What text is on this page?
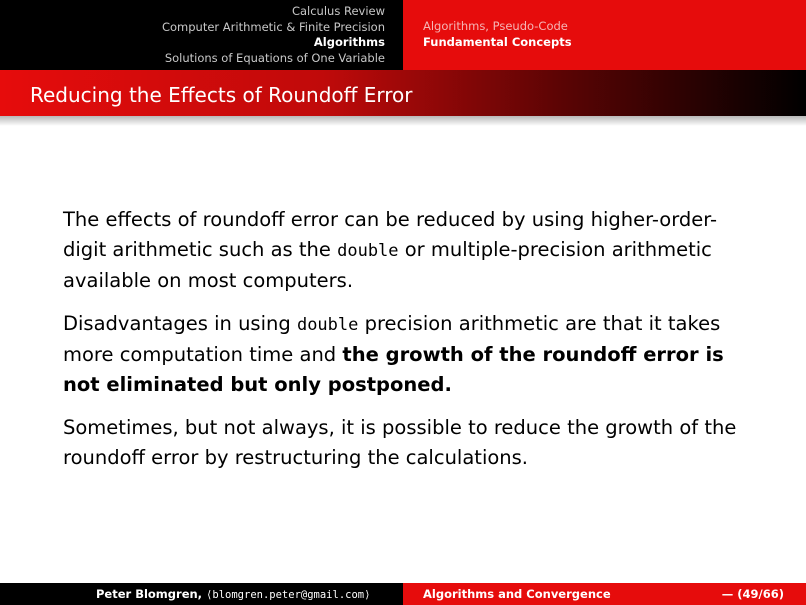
Calculus Review
Computer Arithmetic & Finite Precision
Algorithms
Solutions of Equations of One Variable
Algorithms, Pseudo-Code
Fundamental Concepts
Reducing the Effects of Roundoff Error

The effects of roundoff error can be reduced by using higher-order-digit arithmetic such as the double or multiple-precision arithmetic available on most computers.

Disadvantages in using double precision arithmetic are that it takes more computation time and the growth of the roundoff error is not eliminated but only postponed.

Sometimes, but not always, it is possible to reduce the growth of the roundoff error by restructuring the calculations.

Peter Blomgren, ⟨blomgren.peter@gmail.com⟩	Algorithms and Convergence	— (49/66)
